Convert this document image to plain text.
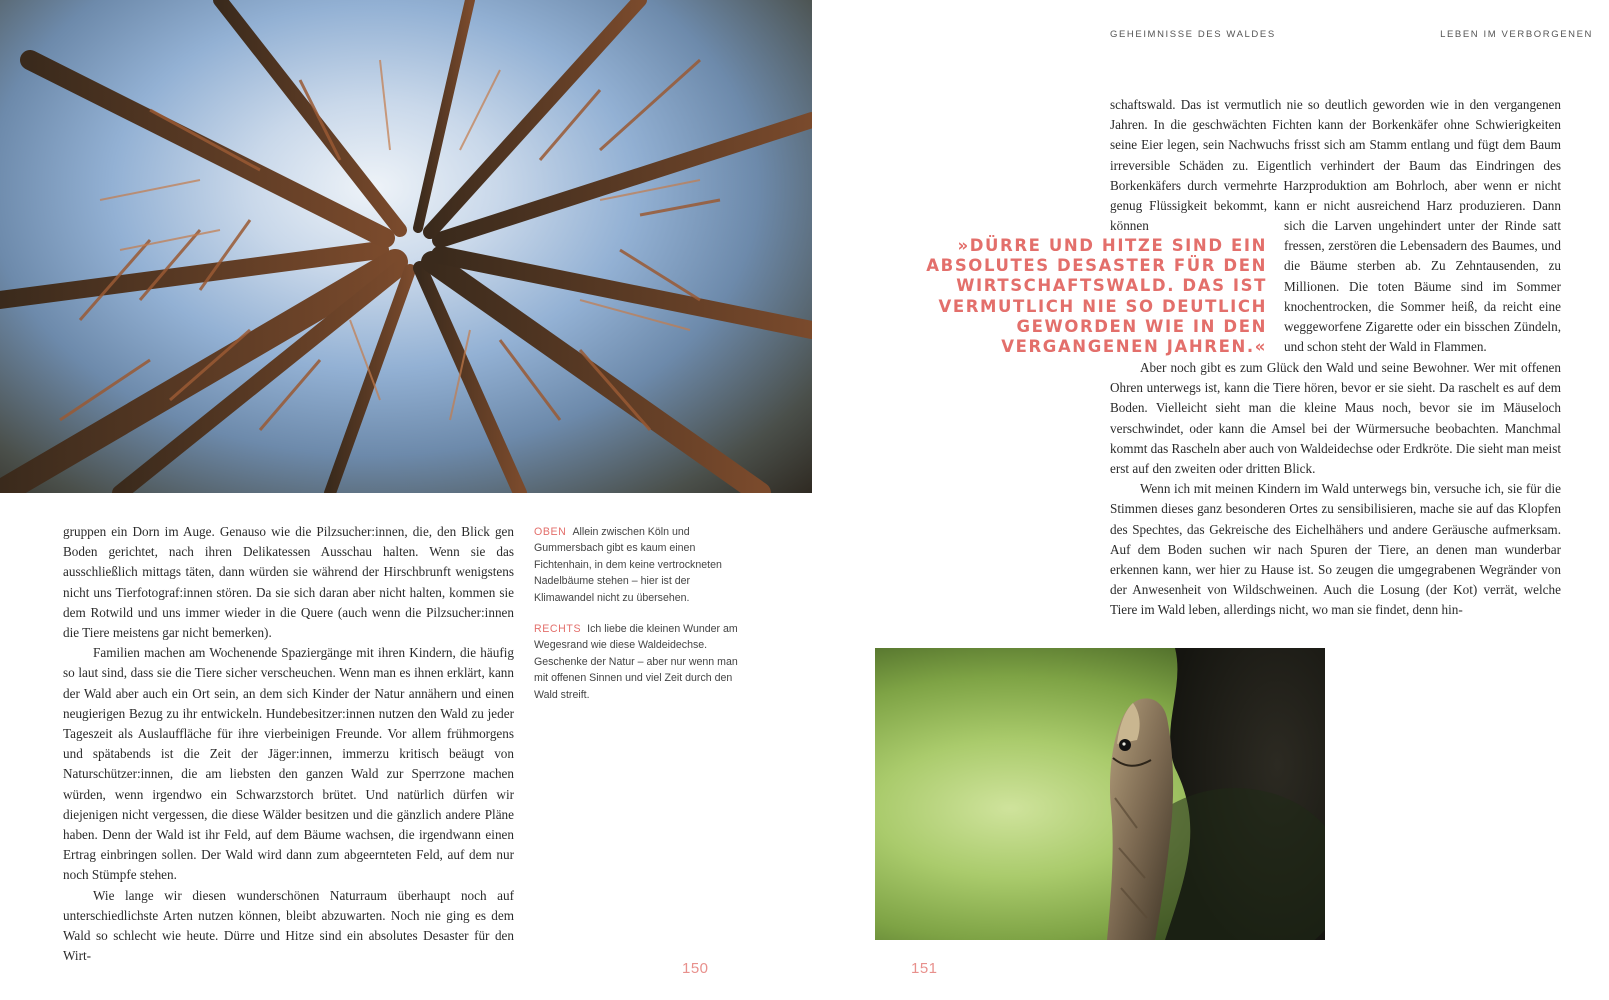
GEHEIMNISSE DES WALDES	LEBEN IM VERBORGENEN

gruppen ein Dorn im Auge. Genauso wie die Pilzsucher:innen, die, den Blick gen Boden gerichtet, nach ihren Delikatessen Ausschau halten. Wenn sie das ausschließlich mittags täten, dann würden sie während der Hirschbrunft wenigstens nicht uns Tierfotograf:innen stören. Da sie sich daran aber nicht halten, kommen sie dem Rotwild und uns immer wieder in die Quere (auch wenn die Pilzsucher:innen die Tiere meistens gar nicht bemerken).

Familien machen am Wochenende Spaziergänge mit ihren Kindern, die häufig so laut sind, dass sie die Tiere sicher verscheuchen. Wenn man es ihnen erklärt, kann der Wald aber auch ein Ort sein, an dem sich Kinder der Natur annähern und einen neugierigen Bezug zu ihr entwickeln. Hundebesitzer:innen nutzen den Wald zu jeder Tageszeit als Auslauffläche für ihre vierbeinigen Freunde. Vor allem frühmorgens und spätabends ist die Zeit der Jäger:innen, immerzu kritisch beäugt von Naturschützer:innen, die am liebsten den ganzen Wald zur Sperrzone machen würden, wenn irgendwo ein Schwarzstorch brütet. Und natürlich dürfen wir diejenigen nicht vergessen, die diese Wälder besitzen und die gänzlich andere Pläne haben. Denn der Wald ist ihr Feld, auf dem Bäume wachsen, die irgendwann einen Ertrag einbringen sollen. Der Wald wird dann zum abgeernteten Feld, auf dem nur noch Stümpfe stehen.

Wie lange wir diesen wunderschönen Naturraum überhaupt noch auf unterschiedlichste Arten nutzen können, bleibt abzuwarten. Noch nie ging es dem Wald so schlecht wie heute. Dürre und Hitze sind ein absolutes Desaster für den Wirt-

OBEN Allein zwischen Köln und Gummersbach gibt es kaum einen Fichtenhain, in dem keine vertrockneten Nadelbäume stehen – hier ist der Klimawandel nicht zu übersehen.

RECHTS Ich liebe die kleinen Wunder am Wegesrand wie diese Waldeidechse. Geschenke der Natur – aber nur wenn man mit offenen Sinnen und viel Zeit durch den Wald streift.

schaftswald. Das ist vermutlich nie so deutlich geworden wie in den vergangenen Jahren. In die geschwächten Fichten kann der Borkenkäfer ohne Schwierigkeiten seine Eier legen, sein Nachwuchs frisst sich am Stamm entlang und fügt dem Baum irreversible Schäden zu. Eigentlich verhindert der Baum das Eindringen des Borkenkäfers durch vermehrte Harzproduktion am Bohrloch, aber wenn er nicht genug Flüssigkeit bekommt, kann er nicht ausreichend Harz produzieren. Dann können

»DÜRRE UND HITZE SIND EIN ABSOLUTES DESASTER FÜR DEN WIRTSCHAFTSWALD. DAS IST VERMUTLICH NIE SO DEUTLICH GEWORDEN WIE IN DEN VERGANGENEN JAHREN.«

sich die Larven ungehindert unter der Rinde satt fressen, zerstören die Lebensadern des Baumes, und die Bäume sterben ab. Zu Zehntausenden, zu Millionen. Die toten Bäume sind im Sommer knochentrocken, die Sommer heiß, da reicht eine weggeworfene Zigarette oder ein bisschen Zündeln, und schon steht der Wald in Flammen.

Aber noch gibt es zum Glück den Wald und seine Bewohner. Wer mit offenen Ohren unterwegs ist, kann die Tiere hören, bevor er sie sieht. Da raschelt es auf dem Boden. Vielleicht sieht man die kleine Maus noch, bevor sie im Mäuseloch verschwindet, oder kann die Amsel bei der Würmersuche beobachten. Manchmal kommt das Rascheln aber auch von Waldeidechse oder Erdkröte. Die sieht man meist erst auf den zweiten oder dritten Blick.

Wenn ich mit meinen Kindern im Wald unterwegs bin, versuche ich, sie für die Stimmen dieses ganz besonderen Ortes zu sensibilisieren, mache sie auf das Klopfen des Spechtes, das Gekreische des Eichelhähers und andere Geräusche aufmerksam. Auf dem Boden suchen wir nach Spuren der Tiere, an denen man wunderbar erkennen kann, wer hier zu Hause ist. So zeugen die umgegrabenen Wegränder von der Anwesenheit von Wildschweinen. Auch die Losung (der Kot) verrät, welche Tiere im Wald leben, allerdings nicht, wo man sie findet, denn hin-

150	151
